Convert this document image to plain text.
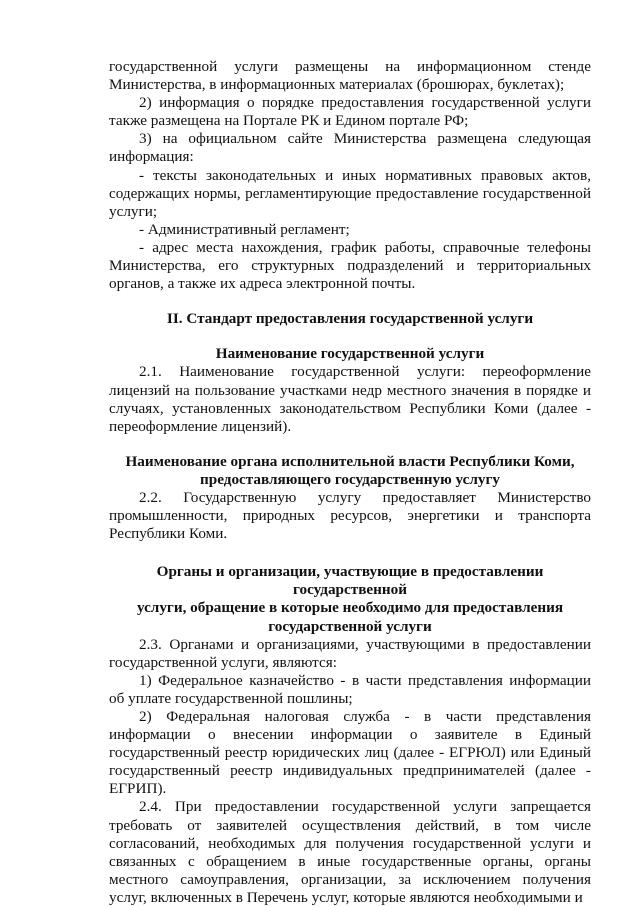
государственной услуги размещены на информационном стенде Министерства, в информационных материалах (брошюрах, буклетах);

2) информация о порядке предоставления государственной услуги также размещена на Портале РК и Едином портале РФ;

3) на официальном сайте Министерства размещена следующая информация:

- тексты законодательных и иных нормативных правовых актов, содержащих нормы, регламентирующие предоставление государственной услуги;

- Административный регламент;

- адрес места нахождения, график работы, справочные телефоны Министерства, его структурных подразделений и территориальных органов, а также их адреса электронной почты.

II. Стандарт предоставления государственной услуги

Наименование государственной услуги

2.1. Наименование государственной услуги: переоформление лицензий на пользование участками недр местного значения в порядке и случаях, установленных законодательством Республики Коми (далее - переоформление лицензий).

Наименование органа исполнительной власти Республики Коми,

предоставляющего государственную услугу

2.2. Государственную услугу предоставляет Министерство промышленности, природных ресурсов, энергетики и транспорта Республики Коми.

Органы и организации, участвующие в предоставлении государственной

услуги, обращение в которые необходимо для предоставления

государственной услуги

2.3. Органами и организациями, участвующими в предоставлении государственной услуги, являются:

1) Федеральное казначейство - в части представления информации об уплате государственной пошлины;

2) Федеральная налоговая служба - в части представления информации о внесении информации о заявителе в Единый государственный реестр юридических лиц (далее - ЕГРЮЛ) или Единый государственный реестр индивидуальных предпринимателей (далее - ЕГРИП).

2.4. При предоставлении государственной услуги запрещается требовать от заявителей осуществления действий, в том числе согласований, необходимых для получения государственной услуги и связанных с обращением в иные государственные органы, органы местного самоуправления, организации, за исключением получения услуг, включенных в Перечень услуг, которые являются необходимыми и
